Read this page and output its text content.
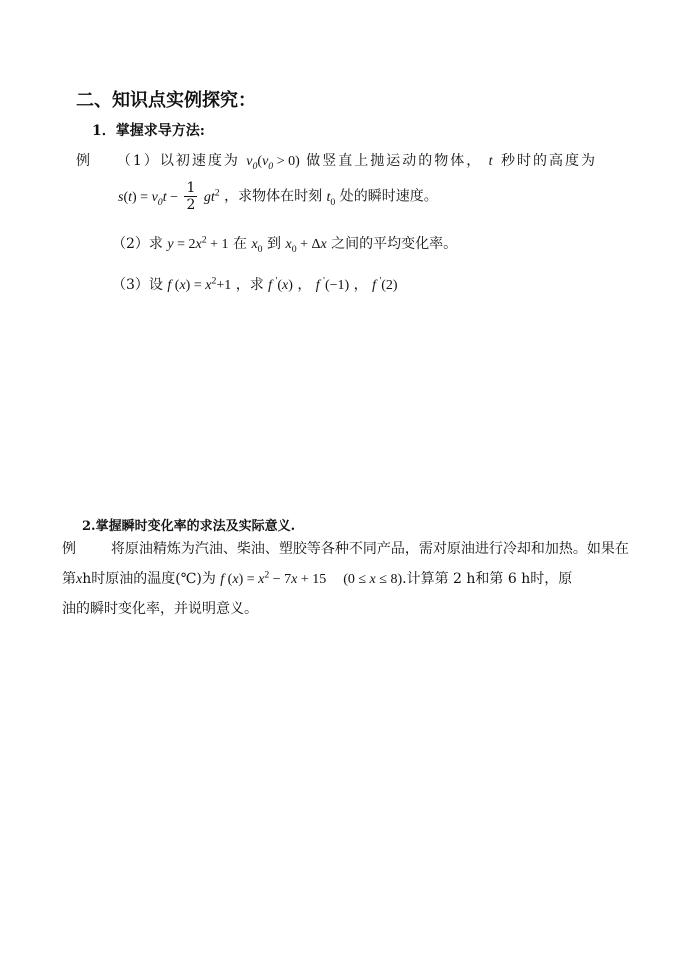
二、知识点实例探究：
1．掌握求导方法:
例 （1）以初速度为 $v_0(v_0 > 0)$ 做竖直上抛运动的物体， t 秒时的高度为
$s(t) = v_0t - \frac{1}{2} gt^2$ ，求物体在时刻 $t_0$ 处的瞬时速度。
（2）求 $y = 2x^2 + 1$ 在 $x_0$ 到 $x_0 + \Delta x$ 之间的平均变化率。
（3）设 f $(x) = x^2+1$ ，求 f '(x) ， f '(−1) ， f '(2)
2.掌握瞬时变化率的求法及实际意义.
例 将原油精炼为汽油、柴油、塑胶等各种不同产品，需对原油进行冷却和加热。如果在
第xh时原油的温度(℃)为 f $(x) = x^2 - 7x + 15$ (0 ≤ x ≤ 8).计算第 2 h和第 6 h时，原
油的瞬时变化率，并说明意义。
